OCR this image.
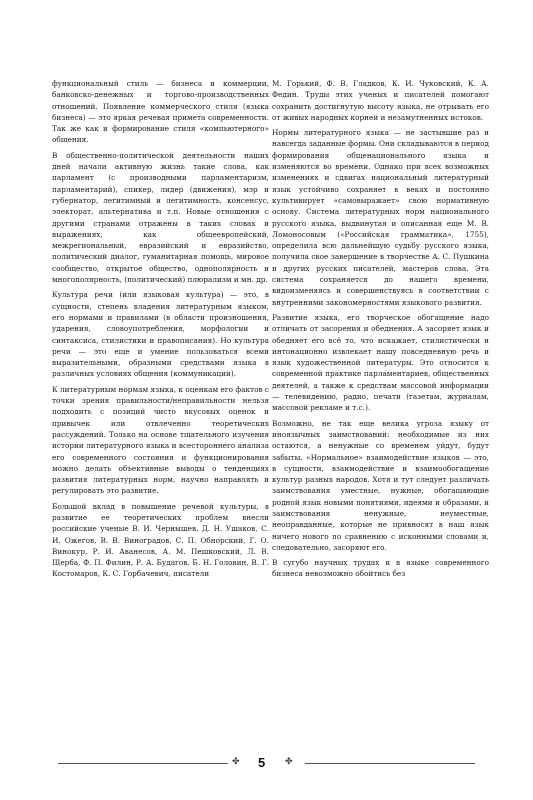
функциональный стиль — бизнеса и коммерции, банковско-денежных и торгово-производственных отношений. Появление коммерческого стиля (языка бизнеса) — это яркая речевая примета современности. Так же как и формирование стиля «компьютерного» общения.

В общественно-политической деятельности наших дней начали активную жизнь такие слова, как парламент (с производными парламентаризм, парламентарий), спикер, лидер (движения), мэр и губернатор, легитимный и легитимность, консенсус, электорат, альтернатива и т.п. Новые отношения с другими странами отражены в таких словах и выражениях, как общеевропейский, межрегиональный, евразийский и евразийство, политический диалог, гуманитарная помощь, мировое сообщество, открытое общество, однополярность и многополярность, (политический) плюрализм и мн. др.

Культура речи (или языковая культура) — это, в сущности, степень владения литературным языком, его нормами и правилами (в области произношения, ударения, словоупотребления, морфологии и синтаксиса, стилистики и правописания). Но культура речи — это еще и умение пользоваться всеми выразительными, образными средствами языка в различных условиях общения (коммуникации).

К литературным нормам языка, к оценкам его фактов с точки зрения правильности/неправильности нельзя подходить с позиций чисто вкусовых оценок и привычек или отвлеченно теоретических рассуждений. Только на основе тщательного изучения истории литературного языка и всестороннего анализа его современного состояния и функционирования можно делать объективные выводы о тенденциях развития литературных норм, научно направлять и регулировать это развитие.

Большой вклад в повышение речевой культуры, в развитие ее теоретических проблем внесли российские ученые В. И. Чернышев, Д. Н. Ушаков, С. И. Ожегов, В. В. Виноградов, С. П. Обнорский, Г. О. Винокур, Р. И. Аванесов, А. М. Пешковский, Л. В. Щерба, Ф. П. Филин, Р. А. Будагов, Б. Н. Головин, В. Г. Костомаров, К. С. Горбачевич, писатели

М. Горький, Ф. В. Гладков, К. И. Чуковский, К. А. Федин. Труды этих ученых и писателей помогают сохранить достигнутую высоту языка, не отрывать его от живых народных корней и незамутненных истоков.

Нормы литературного языка — не застывшие раз и навсегда заданные формы. Они складываются в период формирования общенационального языка и изменяются во времени. Однако при всех возможных изменениях и сдвигах национальный литературный язык устойчиво сохраняет в веках и постоянно культивирует «самовыражает» свою нормативную основу. Система литературных норм национального русского языка, выдвинутая и описанная еще М. В. Ломоносовым («Российская грамматика», 1755), определила всю дальнейшую судьбу русского языка, получила свое завершение в творчестве А. С. Пушкина и других русских писателей, мастеров слова. Эта система сохраняется до нашего времени, видоизменяясь и совершенствуясь в соответствии с внутренними закономерностями языкового развития.

Развитие языка, его творческое обогащение надо отличать от засорения и обеднения. А засоряет язык и обедняет его всё то, что искажает, стилистически и интонационно извлекает нашу повседневную речь и язык художественной литературы. Это относится к современной практике парламентариев, общественных деятелей, а также к средствам массовой информации — телевидению, радио, печати (газетам, журналам, массовой рекламе и т.с.).

Возможно, не так еще велика угроза языку от иноязычных заимствований: необходимые из них остаются, а ненужные со временем уйдут, будут забыты. «Нормальное» взаимодействие языков — это, в сущности, взаимодействие и взаимообогащение культур разных народов. Хотя и тут следует различать заимствования уместные, нужные, обогащающие родной язык новыми понятиями, идеями и образами, и заимствования ненужные, неуместные, неоправданные, которые не привносят в наш язык ничего нового по сравнению с исконными словами и, следовательно, засоряют его.

В сугубо научных трудах и в языке современного бизнеса невозможно обойтись без

✤ 5 ✤
